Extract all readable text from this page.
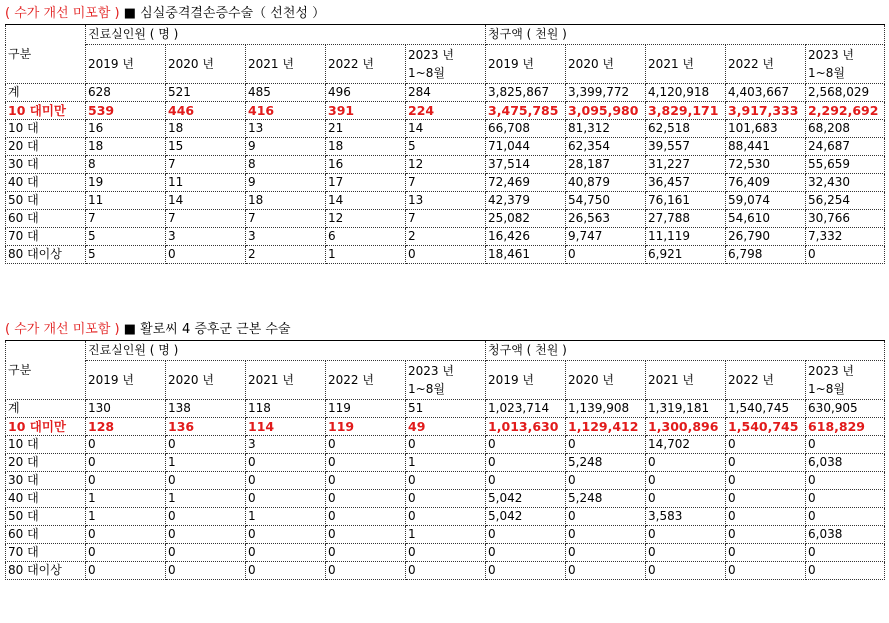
( 수가 개선 미포함 ) ■ 심실중격결손증수술（ 선천성 ）
구분	진료실인원 ( 명 )					청구액 ( 천원 )				
	2019 년	2020 년	2021 년	2022 년	2023 년 1~8월	2019 년	2020 년	2021 년	2022 년	2023 년 1~8월
계	628	521	485	496	284	3,825,867	3,399,772	4,120,918	4,403,667	2,568,029
10 대미만	539	446	416	391	224	3,475,785	3,095,980	3,829,171	3,917,333	2,292,692
10 대	16	18	13	21	14	66,708	81,312	62,518	101,683	68,208
20 대	18	15	9	18	5	71,044	62,354	39,557	88,441	24,687
30 대	8	7	8	16	12	37,514	28,187	31,227	72,530	55,659
40 대	19	11	9	17	7	72,469	40,879	36,457	76,409	32,430
50 대	11	14	18	14	13	42,379	54,750	76,161	59,074	56,254
60 대	7	7	7	12	7	25,082	26,563	27,788	54,610	30,766
70 대	5	3	3	6	2	16,426	9,747	11,119	26,790	7,332
80 대이상	5	0	2	1	0	18,461	0	6,921	6,798	0
( 수가 개선 미포함 ) ■ 활로씨 4 증후군 근본 수술
구분	진료실인원 ( 명 )					청구액 ( 천원 )				
	2019 년	2020 년	2021 년	2022 년	2023 년 1~8월	2019 년	2020 년	2021 년	2022 년	2023 년 1~8월
계	130	138	118	119	51	1,023,714	1,139,908	1,319,181	1,540,745	630,905
10 대미만	128	136	114	119	49	1,013,630	1,129,412	1,300,896	1,540,745	618,829
10 대	0	0	3	0	0	0	0	14,702	0	0
20 대	0	1	0	0	1	0	5,248	0	0	6,038
30 대	0	0	0	0	0	0	0	0	0	0
40 대	1	1	0	0	0	5,042	5,248	0	0	0
50 대	1	0	1	0	0	5,042	0	3,583	0	0
60 대	0	0	0	0	1	0	0	0	0	6,038
70 대	0	0	0	0	0	0	0	0	0	0
80 대이상	0	0	0	0	0	0	0	0	0	0
